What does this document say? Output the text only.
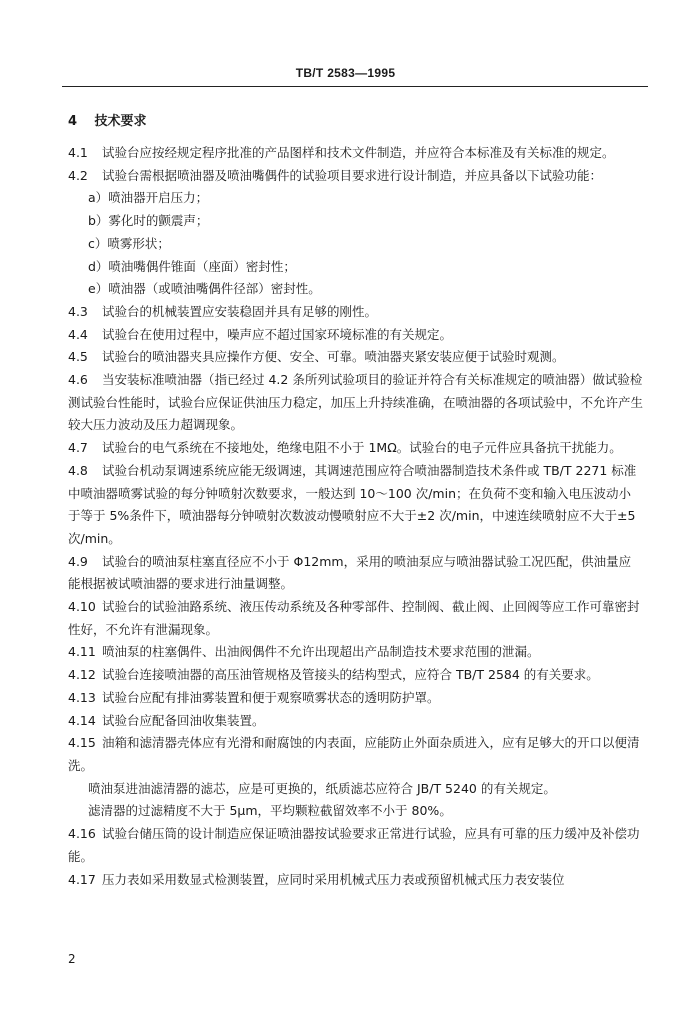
TB/T 2583—1995
4 技术要求

4.1 试验台应按经规定程序批准的产品图样和技术文件制造，并应符合本标准及有关标准的规定。

4.2 试验台需根据喷油器及喷油嘴偶件的试验项目要求进行设计制造，并应具备以下试验功能：

a）喷油器开启压力；

b）雾化时的颤震声；

c）喷雾形状；

d）喷油嘴偶件锥面（座面）密封性；

e）喷油器（或喷油嘴偶件径部）密封性。

4.3 试验台的机械装置应安装稳固并具有足够的刚性。

4.4 试验台在使用过程中，噪声应不超过国家环境标准的有关规定。

4.5 试验台的喷油器夹具应操作方便、安全、可靠。喷油器夹紧安装应便于试验时观测。

4.6 当安装标准喷油器（指已经过 4.2 条所列试验项目的验证并符合有关标准规定的喷油器）做试验检测试验台性能时，试验台应保证供油压力稳定，加压上升持续准确，在喷油器的各项试验中，不允许产生较大压力波动及压力超调现象。

4.7 试验台的电气系统在不接地处，绝缘电阻不小于 1MΩ。试验台的电子元件应具备抗干扰能力。

4.8 试验台机动泵调速系统应能无级调速，其调速范围应符合喷油器制造技术条件或 TB/T 2271 标准中喷油器喷雾试验的每分钟喷射次数要求，一般达到 10～100 次/min；在负荷不变和输入电压波动小于等于 5%条件下，喷油器每分钟喷射次数波动慢喷射应不大于±2 次/min，中速连续喷射应不大于±5 次/min。

4.9 试验台的喷油泵柱塞直径应不小于 Φ12mm，采用的喷油泵应与喷油器试验工况匹配，供油量应能根据被试喷油器的要求进行油量调整。

4.10 试验台的试验油路系统、液压传动系统及各种零部件、控制阀、截止阀、止回阀等应工作可靠密封性好，不允许有泄漏现象。

4.11 喷油泵的柱塞偶件、出油阀偶件不允许出现超出产品制造技术要求范围的泄漏。

4.12 试验台连接喷油器的高压油管规格及管接头的结构型式，应符合 TB/T 2584 的有关要求。

4.13 试验台应配有排油雾装置和便于观察喷雾状态的透明防护罩。

4.14 试验台应配备回油收集装置。

4.15 油箱和滤清器壳体应有光滑和耐腐蚀的内表面，应能防止外面杂质进入，应有足够大的开口以便清洗。

喷油泵进油滤清器的滤芯，应是可更换的，纸质滤芯应符合 JB/T 5240 的有关规定。

滤清器的过滤精度不大于 5μm，平均颗粒截留效率不小于 80%。

4.16 试验台储压筒的设计制造应保证喷油器按试验要求正常进行试验，应具有可靠的压力缓冲及补偿功能。

4.17 压力表如采用数显式检测装置，应同时采用机械式压力表或预留机械式压力表安装位

2
